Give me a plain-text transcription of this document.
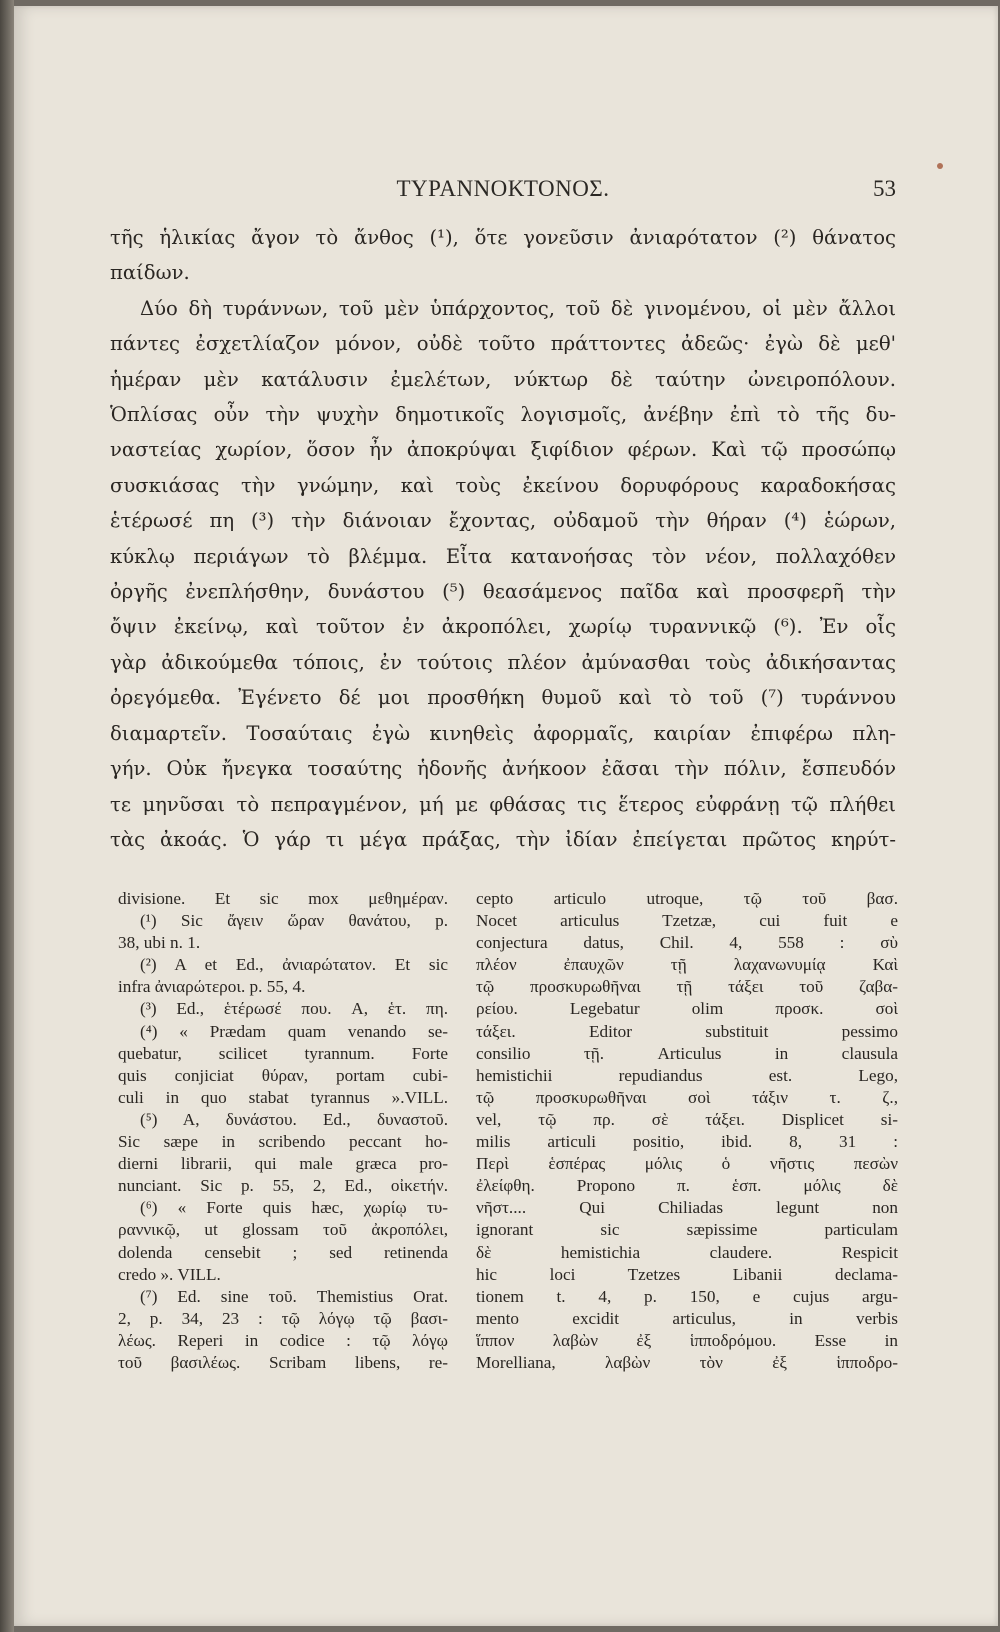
ΤΥΡΑΝΝΟΚΤΟΝΟΣ.	53
τῆς ἡλικίας ἄγον τὸ ἄνθος (¹), ὅτε γονεῦσιν ἀνιαρότατον (²) θάνατος
παίδων.
Δύο δὴ τυράννων, τοῦ μὲν ὑπάρχοντος, τοῦ δὲ γινομένου, οἱ μὲν ἄλλοι
πάντες ἐσχετλίαζον μόνον, οὐδὲ τοῦτο πράττοντες ἀδεῶς· ἐγὼ δὲ μεθ'
ἡμέραν μὲν κατάλυσιν ἐμελέτων, νύκτωρ δὲ ταύτην ὠνειροπόλουν.
Ὁπλίσας οὖν τὴν ψυχὴν δημοτικοῖς λογισμοῖς, ἀνέβην ἐπὶ τὸ τῆς δυ-
ναστείας χωρίον, ὅσον ἦν ἀποκρύψαι ξιφίδιον φέρων. Καὶ τῷ προσώπῳ
συσκιάσας τὴν γνώμην, καὶ τοὺς ἐκείνου δορυφόρους καραδοκήσας
ἑτέρωσέ πη (³) τὴν διάνοιαν ἔχοντας, οὐδαμοῦ τὴν θήραν (⁴) ἑώρων,
κύκλῳ περιάγων τὸ βλέμμα. Εἶτα κατανοήσας τὸν νέον, πολλαχόθεν
ὀργῆς ἐνεπλήσθην, δυνάστου (⁵) θεασάμενος παῖδα καὶ προσφερῆ τὴν
ὄψιν ἐκείνῳ, καὶ τοῦτον ἐν ἀκροπόλει, χωρίῳ τυραννικῷ (⁶). Ἐν οἷς
γὰρ ἀδικούμεθα τόποις, ἐν τούτοις πλέον ἀμύνασθαι τοὺς ἀδικήσαντας
ὀρεγόμεθα. Ἐγένετο δέ μοι προσθήκη θυμοῦ καὶ τὸ τοῦ (⁷) τυράννου
διαμαρτεῖν. Τοσαύταις ἐγὼ κινηθεὶς ἀφορμαῖς, καιρίαν ἐπιφέρω πλη-
γήν. Οὐκ ἤνεγκα τοσαύτης ἡδονῆς ἀνήκοον ἐᾶσαι τὴν πόλιν, ἔσπευδόν
τε μηνῦσαι τὸ πεπραγμένον, μή με φθάσας τις ἕτερος εὐφράνῃ τῷ πλήθει
τὰς ἀκοάς. Ὁ γάρ τι μέγα πράξας, τὴν ἰδίαν ἐπείγεται πρῶτος κηρύτ-
divisione. Et sic mox μεθημέραν.
(¹) Sic ἄγειν ὥραν θανάτου, p.
38, ubi n. 1.
(²) A et Ed., ἀνιαρώτατον. Et sic
infra ἀνιαρώτεροι. p. 55, 4.
(³) Ed., ἑτέρωσέ που. A, ἑτ. πη.
(⁴) « Prædam quam venando se-
quebatur, scilicet tyrannum. Forte
quis conjiciat θύραν, portam cubi-
culi in quo stabat tyrannus ».VILL.
(⁵) A, δυνάστου. Ed., δυναστοῦ.
Sic sæpe in scribendo peccant ho-
dierni librarii, qui male græca pro-
nunciant. Sic p. 55, 2, Ed., οἰκετήν.
(⁶) « Forte quis hæc, χωρίῳ τυ-
ραννικῷ, ut glossam τοῦ ἀκροπόλει,
dolenda censebit ; sed retinenda
credo ». VILL.
(⁷) Ed. sine τοῦ. Themistius Orat.
2, p. 34, 23 : τῷ λόγῳ τῷ βασι-
λέως. Reperi in codice : τῷ λόγῳ
τοῦ βασιλέως. Scribam libens, re-
cepto articulo utroque, τῷ τοῦ βασ.
Nocet articulus Tzetzæ, cui fuit e
conjectura datus, Chil. 4, 558 : σὺ
πλέον ἐπαυχῶν τῇ λαχανωνυμίᾳ Καὶ
τῷ προσκυρωθῆναι τῇ τάξει τοῦ ζαβα-
ρείου. Legebatur olim προσκ. σοὶ
τάξει. Editor substituit pessimo
consilio τῇ. Articulus in clausula
hemistichii repudiandus est. Lego,
τῷ προσκυρωθῆναι σοὶ τάξιν τ. ζ.,
vel, τῷ πρ. σὲ τάξει. Displicet si-
milis articuli positio, ibid. 8, 31 :
Περὶ ἑσπέρας μόλις ὁ νῆστις πεσὼν
ἐλείφθη. Propono π. ἑσπ. μόλις δὲ
νῆστ.... Qui Chiliadas legunt non
ignorant sic sæpissime particulam
δὲ hemistichia claudere. Respicit
hic loci Tzetzes Libanii declama-
tionem t. 4, p. 150, e cujus argu-
mento excidit articulus, in verbis
ἵππον λαβὼν ἐξ ἱπποδρόμου. Esse in
Morelliana, λαβὼν τὸν ἐξ ἱπποδρο-
